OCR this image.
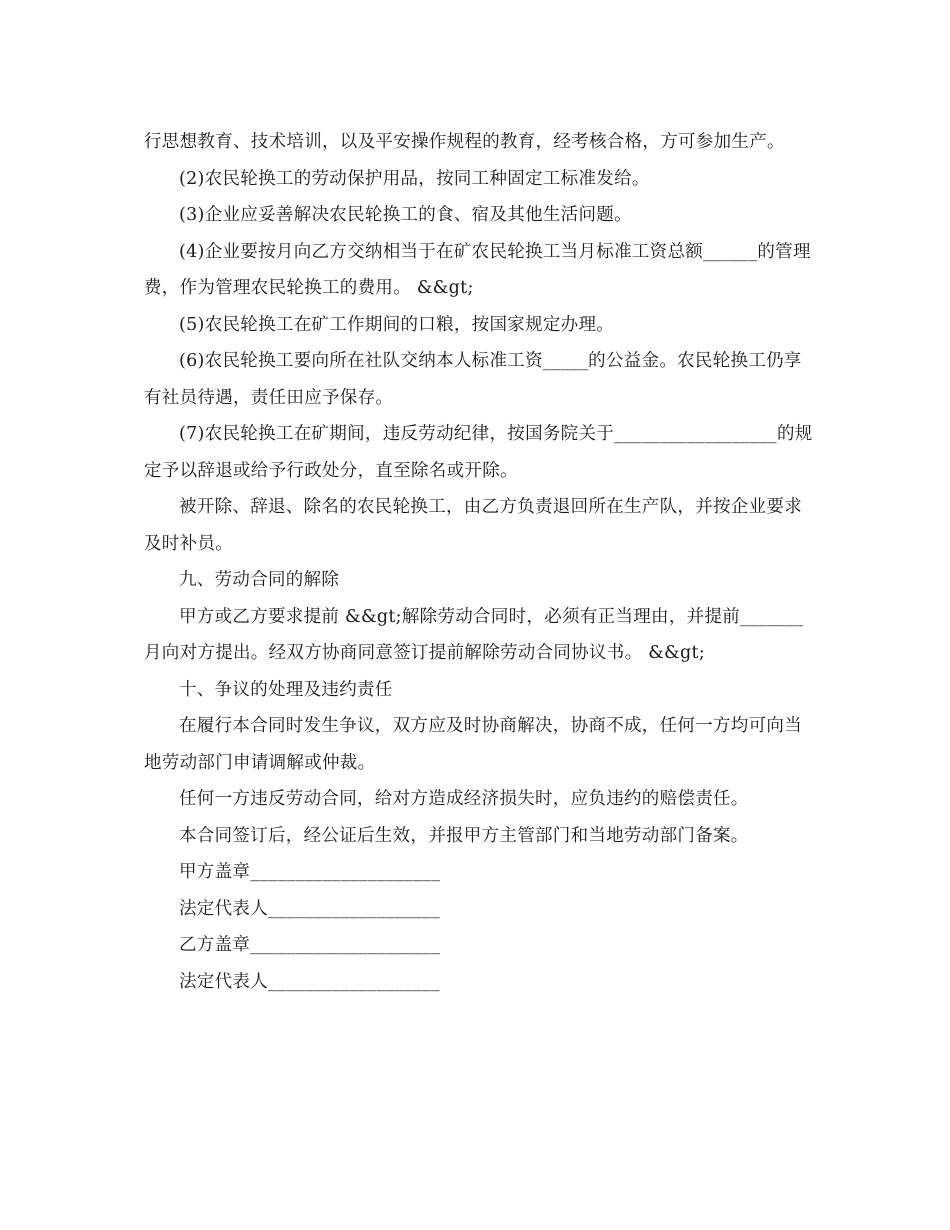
行思想教育、技术培训，以及平安操作规程的教育，经考核合格，方可参加生产。

(2)农民轮换工的劳动保护用品，按同工种固定工标准发给。

(3)企业应妥善解决农民轮换工的食、宿及其他生活问题。

(4)企业要按月向乙方交纳相当于在矿农民轮换工当月标准工资总额______的管理费，作为管理农民轮换工的费用。 &&gt;

(5)农民轮换工在矿工作期间的口粮，按国家规定办理。

(6)农民轮换工要向所在社队交纳本人标准工资_____的公益金。农民轮换工仍享有社员待遇，责任田应予保存。

(7)农民轮换工在矿期间，违反劳动纪律，按国务院关于__________________的规定予以辞退或给予行政处分，直至除名或开除。

被开除、辞退、除名的农民轮换工，由乙方负责退回所在生产队，并按企业要求及时补员。

九、劳动合同的解除

甲方或乙方要求提前 &&gt;解除劳动合同时，必须有正当理由，并提前_______月向对方提出。经双方协商同意签订提前解除劳动合同协议书。 &&gt;

十、争议的处理及违约责任

在履行本合同时发生争议，双方应及时协商解决，协商不成，任何一方均可向当地劳动部门申请调解或仲裁。

任何一方违反劳动合同，给对方造成经济损失时，应负违约的赔偿责任。

本合同签订后，经公证后生效，并报甲方主管部门和当地劳动部门备案。

甲方盖章_____________________

法定代表人___________________

乙方盖章_____________________

法定代表人___________________
